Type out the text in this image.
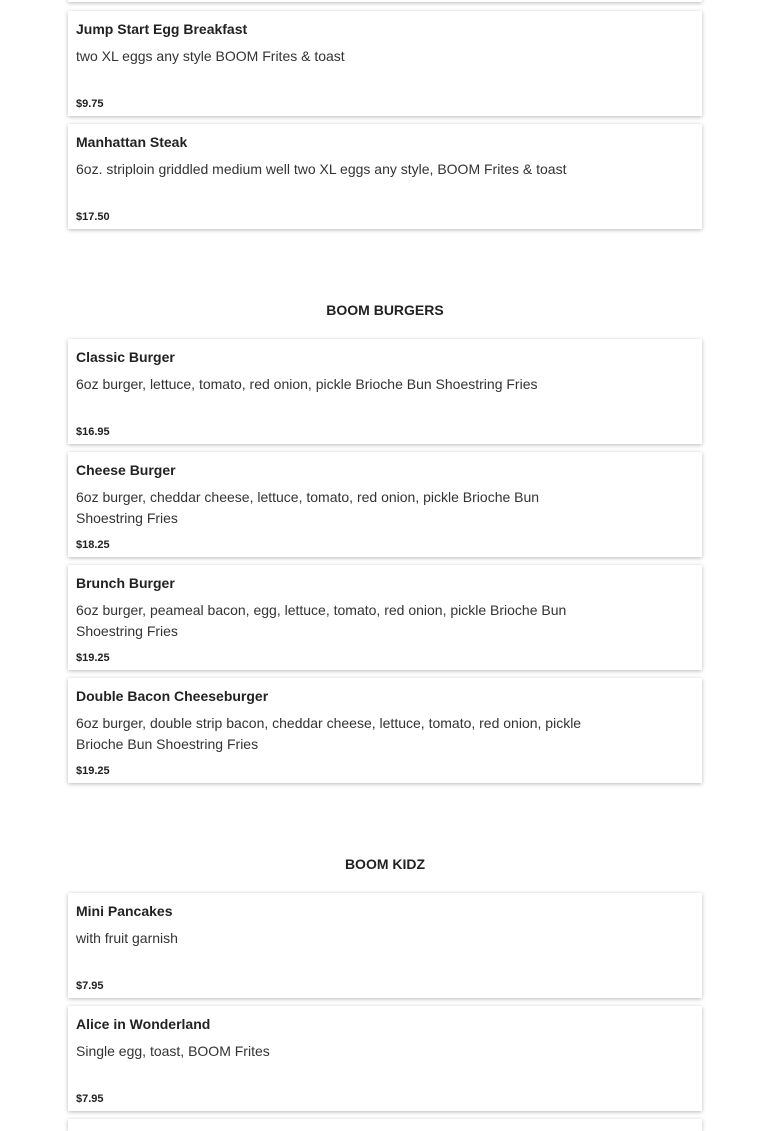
Jump Start Egg Breakfast
two XL eggs any style BOOM Frites & toast
$9.75
Manhattan Steak
6oz. striploin griddled medium well two XL eggs any style, BOOM Frites & toast
$17.50
BOOM BURGERS
Classic Burger
6oz burger, lettuce, tomato, red onion, pickle Brioche Bun Shoestring Fries
$16.95
Cheese Burger
6oz burger, cheddar cheese, lettuce, tomato, red onion, pickle Brioche Bun Shoestring Fries
$18.25
Brunch Burger
6oz burger, peameal bacon, egg, lettuce, tomato, red onion, pickle Brioche Bun Shoestring Fries
$19.25
Double Bacon Cheeseburger
6oz burger, double strip bacon, cheddar cheese, lettuce, tomato, red onion, pickle Brioche Bun Shoestring Fries
$19.25
BOOM KIDZ
Mini Pancakes
with fruit garnish
$7.95
Alice in Wonderland
Single egg, toast, BOOM Frites
$7.95
